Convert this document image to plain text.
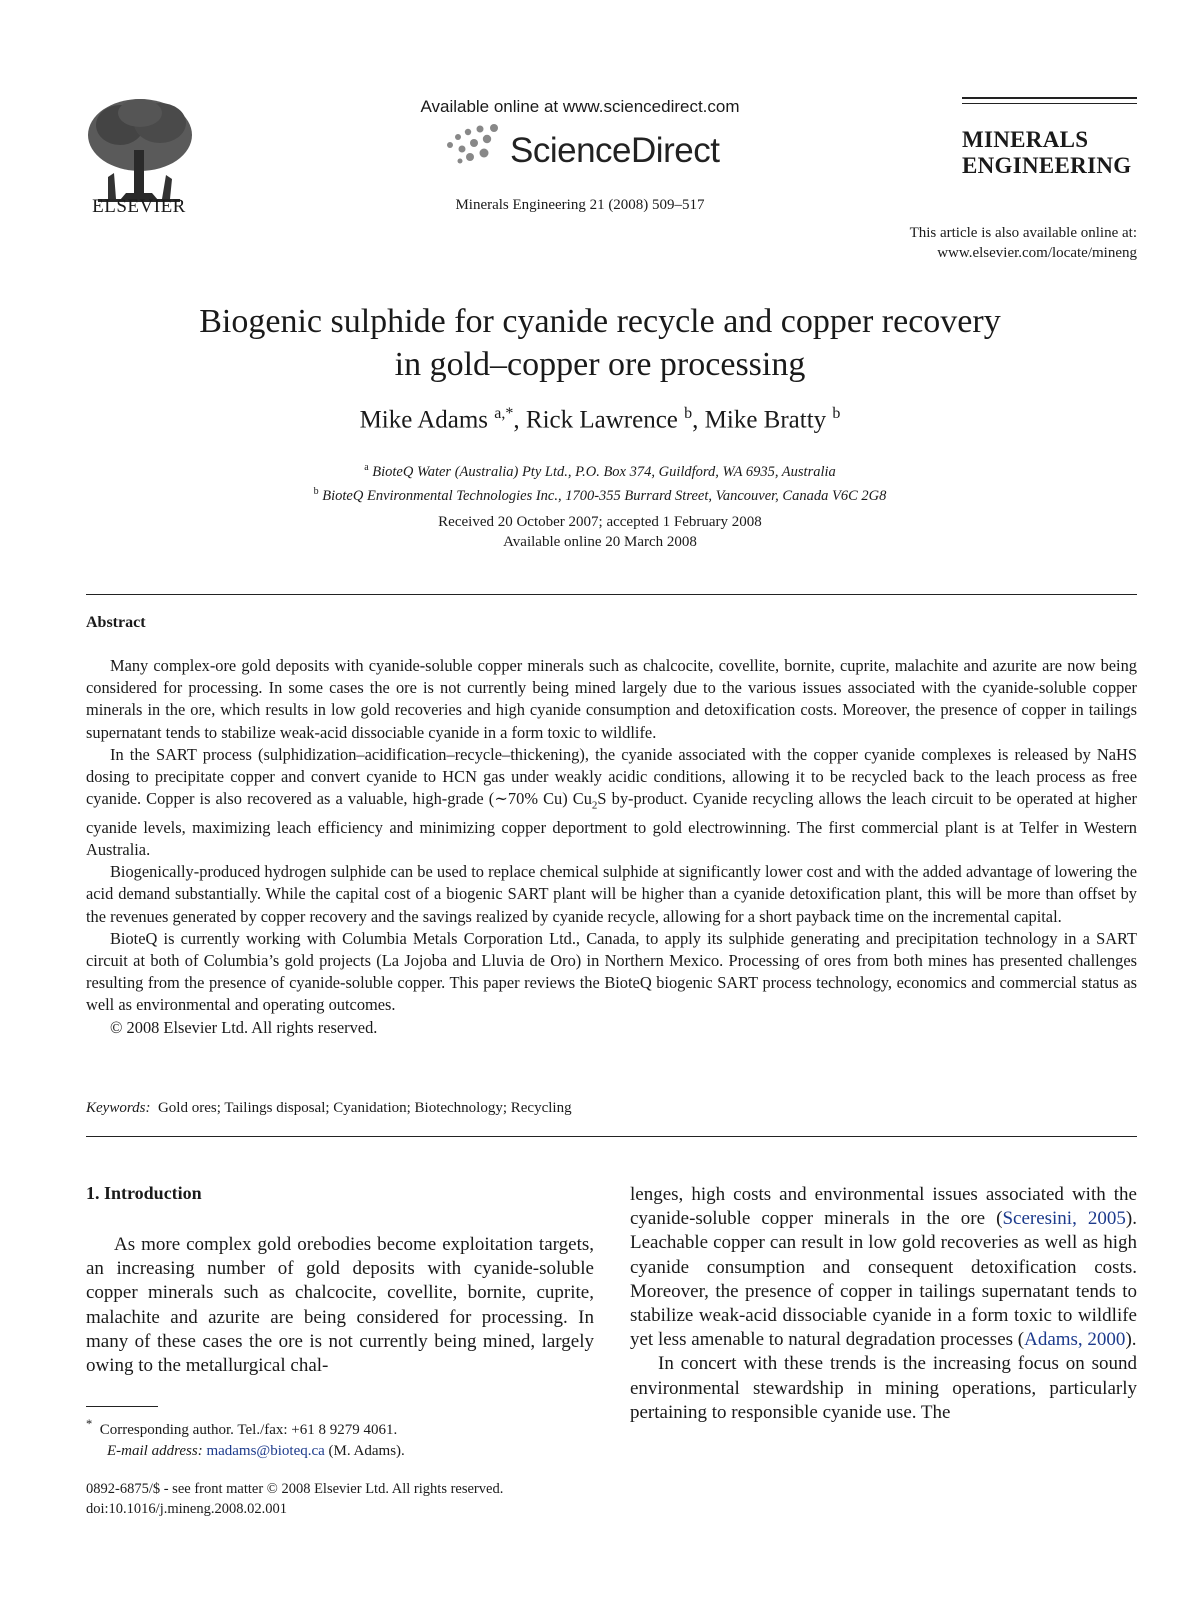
ELSEVIER
Available online at www.sciencedirect.com
ScienceDirect
Minerals Engineering 21 (2008) 509–517
MINERALS
ENGINEERING
This article is also available online at:
www.elsevier.com/locate/mineng
Biogenic sulphide for cyanide recycle and copper recovery
in gold–copper ore processing
Mike Adams $^{a,*}$, Rick Lawrence $^b$, Mike Bratty $^b$
$^a$ BioteQ Water (Australia) Pty Ltd., P.O. Box 374, Guildford, WA 6935, Australia
$^b$ BioteQ Environmental Technologies Inc., 1700-355 Burrard Street, Vancouver, Canada V6C 2G8
Received 20 October 2007; accepted 1 February 2008
Available online 20 March 2008
Abstract

Many complex-ore gold deposits with cyanide-soluble copper minerals such as chalcocite, covellite, bornite, cuprite, malachite and azurite are now being considered for processing. In some cases the ore is not currently being mined largely due to the various issues associated with the cyanide-soluble copper minerals in the ore, which results in low gold recoveries and high cyanide consumption and detoxification costs. Moreover, the presence of copper in tailings supernatant tends to stabilize weak-acid dissociable cyanide in a form toxic to wildlife.

In the SART process (sulphidization–acidification–recycle–thickening), the cyanide associated with the copper cyanide complexes is released by NaHS dosing to precipitate copper and convert cyanide to HCN gas under weakly acidic conditions, allowing it to be recycled back to the leach process as free cyanide. Copper is also recovered as a valuable, high-grade (∼70% Cu) $Cu_2S$ by-product. Cyanide recycling allows the leach circuit to be operated at higher cyanide levels, maximizing leach efficiency and minimizing copper deportment to gold electrowinning. The first commercial plant is at Telfer in Western Australia.

Biogenically-produced hydrogen sulphide can be used to replace chemical sulphide at significantly lower cost and with the added advantage of lowering the acid demand substantially. While the capital cost of a biogenic SART plant will be higher than a cyanide detoxification plant, this will be more than offset by the revenues generated by copper recovery and the savings realized by cyanide recycle, allowing for a short payback time on the incremental capital.

BioteQ is currently working with Columbia Metals Corporation Ltd., Canada, to apply its sulphide generating and precipitation technology in a SART circuit at both of Columbia’s gold projects (La Jojoba and Lluvia de Oro) in Northern Mexico. Processing of ores from both mines has presented challenges resulting from the presence of cyanide-soluble copper. This paper reviews the BioteQ biogenic SART process technology, economics and commercial status as well as environmental and operating outcomes.

© 2008 Elsevier Ltd. All rights reserved.

Keywords: Gold ores; Tailings disposal; Cyanidation; Biotechnology; Recycling
1. Introduction

As more complex gold orebodies become exploitation targets, an increasing number of gold deposits with cyanide-soluble copper minerals such as chalcocite, covellite, bornite, cuprite, malachite and azurite are being considered for processing. In many of these cases the ore is not currently being mined, largely owing to the metallurgical chal-

lenges, high costs and environmental issues associated with the cyanide-soluble copper minerals in the ore (Sceresini, 2005). Leachable copper can result in low gold recoveries as well as high cyanide consumption and consequent detoxification costs. Moreover, the presence of copper in tailings supernatant tends to stabilize weak-acid dissociable cyanide in a form toxic to wildlife yet less amenable to natural degradation processes (Adams, 2000).

In concert with these trends is the increasing focus on sound environmental stewardship in mining operations, particularly pertaining to responsible cyanide use. The

* Corresponding author. Tel./fax: +61 8 9279 4061.
E-mail address: madams@bioteq.ca (M. Adams).
0892-6875/$ - see front matter © 2008 Elsevier Ltd. All rights reserved.
doi:10.1016/j.mineng.2008.02.001
